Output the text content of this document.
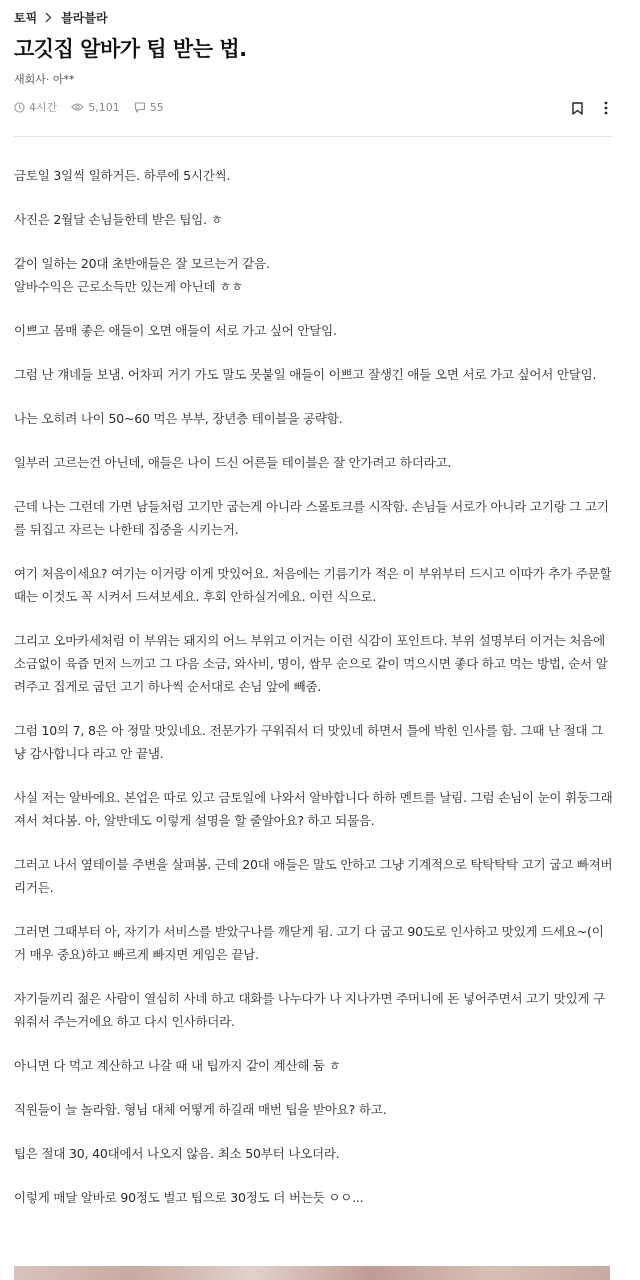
토픽 블라블라
고깃집 알바가 팁 받는 법.
새회사· 아**
4시간	5,101	55

금토일 3일씩 일하거든. 하루에 5시간씩.

사진은 2월달 손님들한테 받은 팁임. ㅎ

같이 일하는 20대 초반애들은 잘 모르는거 같음.
알바수익은 근로소득만 있는게 아닌데 ㅎㅎ

이쁘고 몸매 좋은 애들이 오면 애들이 서로 가고 싶어 안달임.

그럼 난 걔네들 보냄. 어차피 거기 가도 말도 못붙일 애들이 이쁘고 잘생긴 애들 오면 서로 가고 싶어서 안달임.

나는 오히려 나이 50~60 먹은 부부, 장년층 테이블을 공략함.

일부러 고르는건 아닌데, 애들은 나이 드신 어른들 테이블은 잘 안가려고 하더라고.

근데 나는 그런데 가면 남들처럼 고기만 굽는게 아니라 스몰토크를 시작함. 손님들 서로가 아니라 고기랑 그 고기를 뒤집고 자르는 나한테 집중을 시키는거.

여기 처음이세요? 여기는 이거랑 이게 맛있어요. 처음에는 기름기가 적은 이 부위부터 드시고 이따가 추가 주문할때는 이것도 꼭 시켜서 드셔보세요. 후회 안하실거에요. 이런 식으로.

그리고 오마카세처럼 이 부위는 돼지의 어느 부위고 이거는 이런 식감이 포인트다. 부위 설명부터 이거는 처음에 소금없이 육즙 먼저 느끼고 그 다음 소금, 와사비, 명이, 쌈무 순으로 같이 먹으시면 좋다 하고 먹는 방법, 순서 알려주고 집게로 굽던 고기 하나씩 순서대로 손님 앞에 빼줌.

그럼 10의 7, 8은 아 정말 맛있네요. 전문가가 구워줘서 더 맛있네 하면서 틀에 박힌 인사를 함. 그때 난 절대 그냥 감사합니다 라고 안 끝냄.

사실 저는 알바에요. 본업은 따로 있고 금토일에 나와서 알바합니다 하하 멘트를 날림. 그럼 손님이 눈이 휘둥그래져서 쳐다봄. 아, 알반데도 이렇게 설명을 할 줄알아요? 하고 되물음.

그러고 나서 옆테이블 주변을 살펴봄. 근데 20대 애들은 말도 안하고 그냥 기계적으로 탁탁탁탁 고기 굽고 빠져버리거든.

그러면 그때부터 아, 자기가 서비스를 받았구나를 깨닫게 됨. 고기 다 굽고 90도로 인사하고 맛있게 드세요~(이거 매우 중요)하고 빠르게 빠지면 게임은 끝남.

자기들끼리 젊은 사람이 열심히 사네 하고 대화를 나누다가 나 지나가면 주머니에 돈 넣어주면서 고기 맛있게 구워줘서 주는거에요 하고 다시 인사하더라.

아니면 다 먹고 계산하고 나갈 때 내 팁까지 같이 계산해 둠 ㅎ

직원들이 늘 놀라함. 형님 대체 어떻게 하길래 매번 팁을 받아요? 하고.

팁은 절대 30, 40대에서 나오지 않음. 최소 50부터 나오더라.

이렇게 매달 알바로 90정도 벌고 팁으로 30정도 더 버는듯 ㅇㅇ...
